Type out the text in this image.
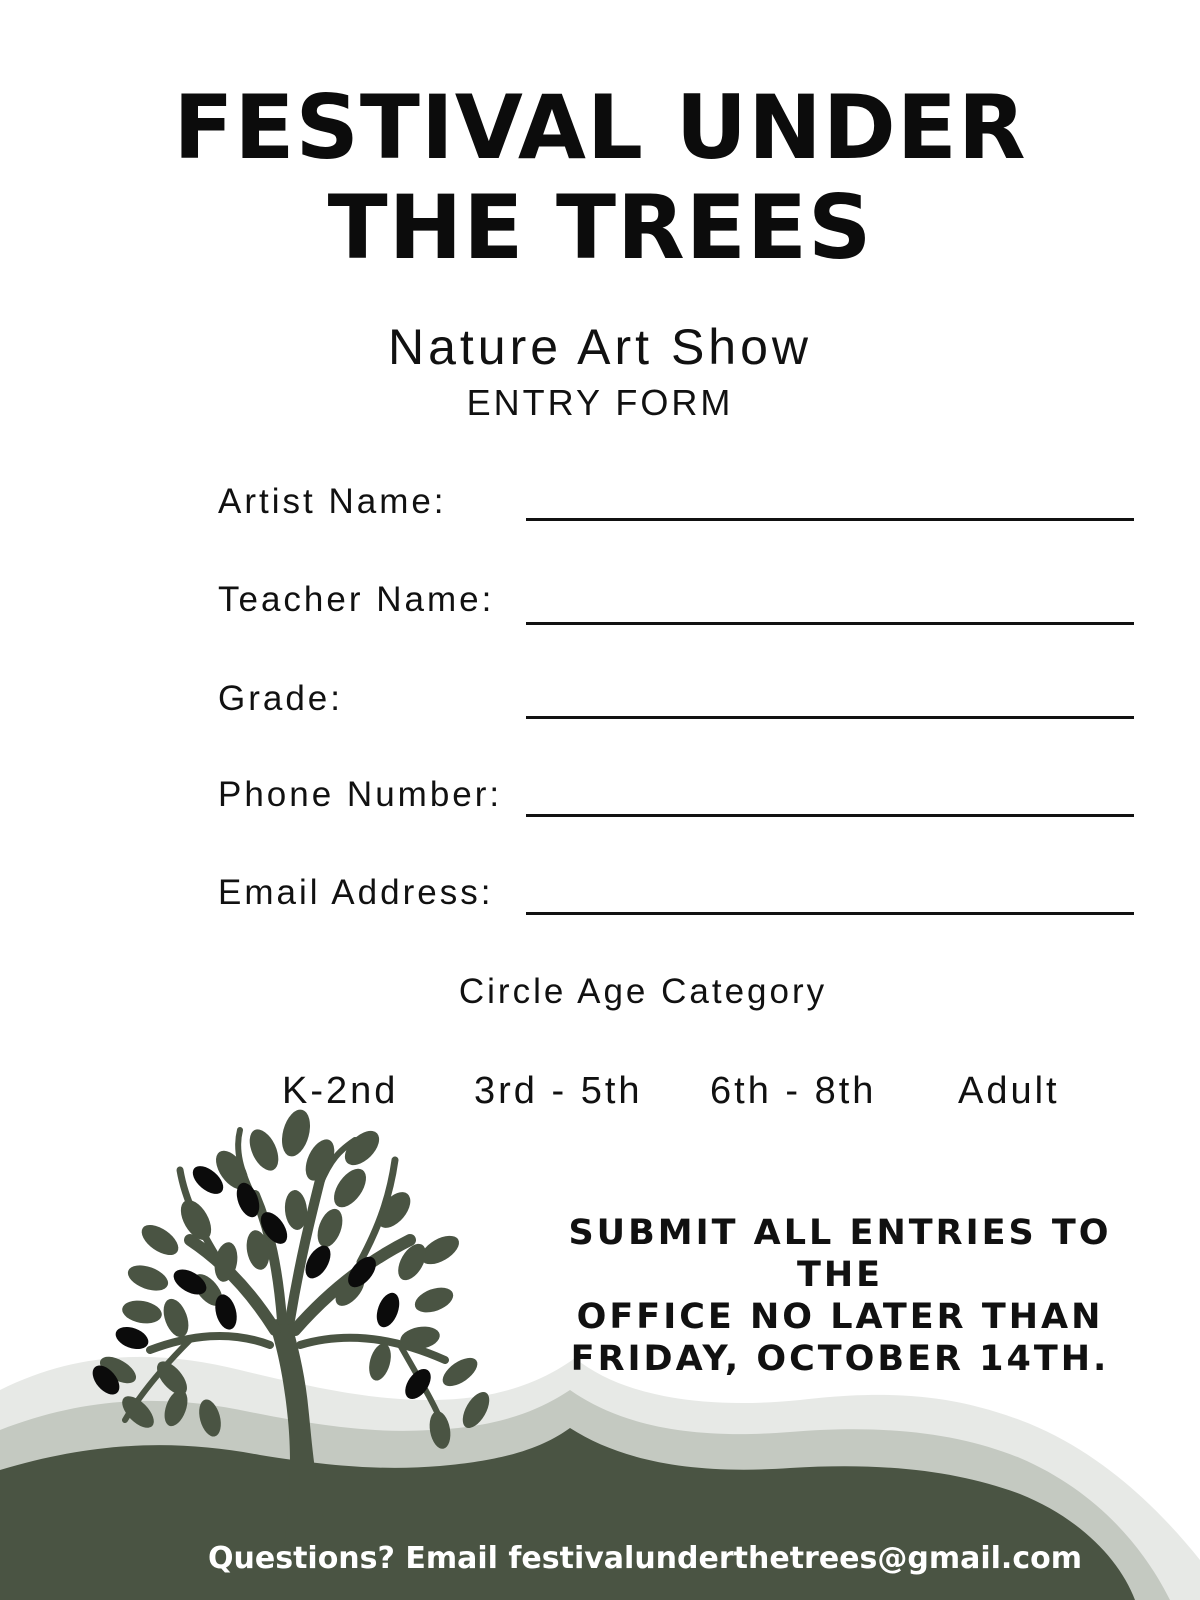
FESTIVAL UNDER
THE TREES
Nature Art Show
ENTRY FORM
Artist Name:
Teacher Name:
Grade:
Phone Number:
Email Address:
Circle Age Category
K-2nd 3rd - 5th 6th - 8th Adult
SUBMIT ALL ENTRIES TO THE
OFFICE NO LATER THAN
FRIDAY, OCTOBER 14TH.
Questions? Email festivalunderthetrees@gmail.com
